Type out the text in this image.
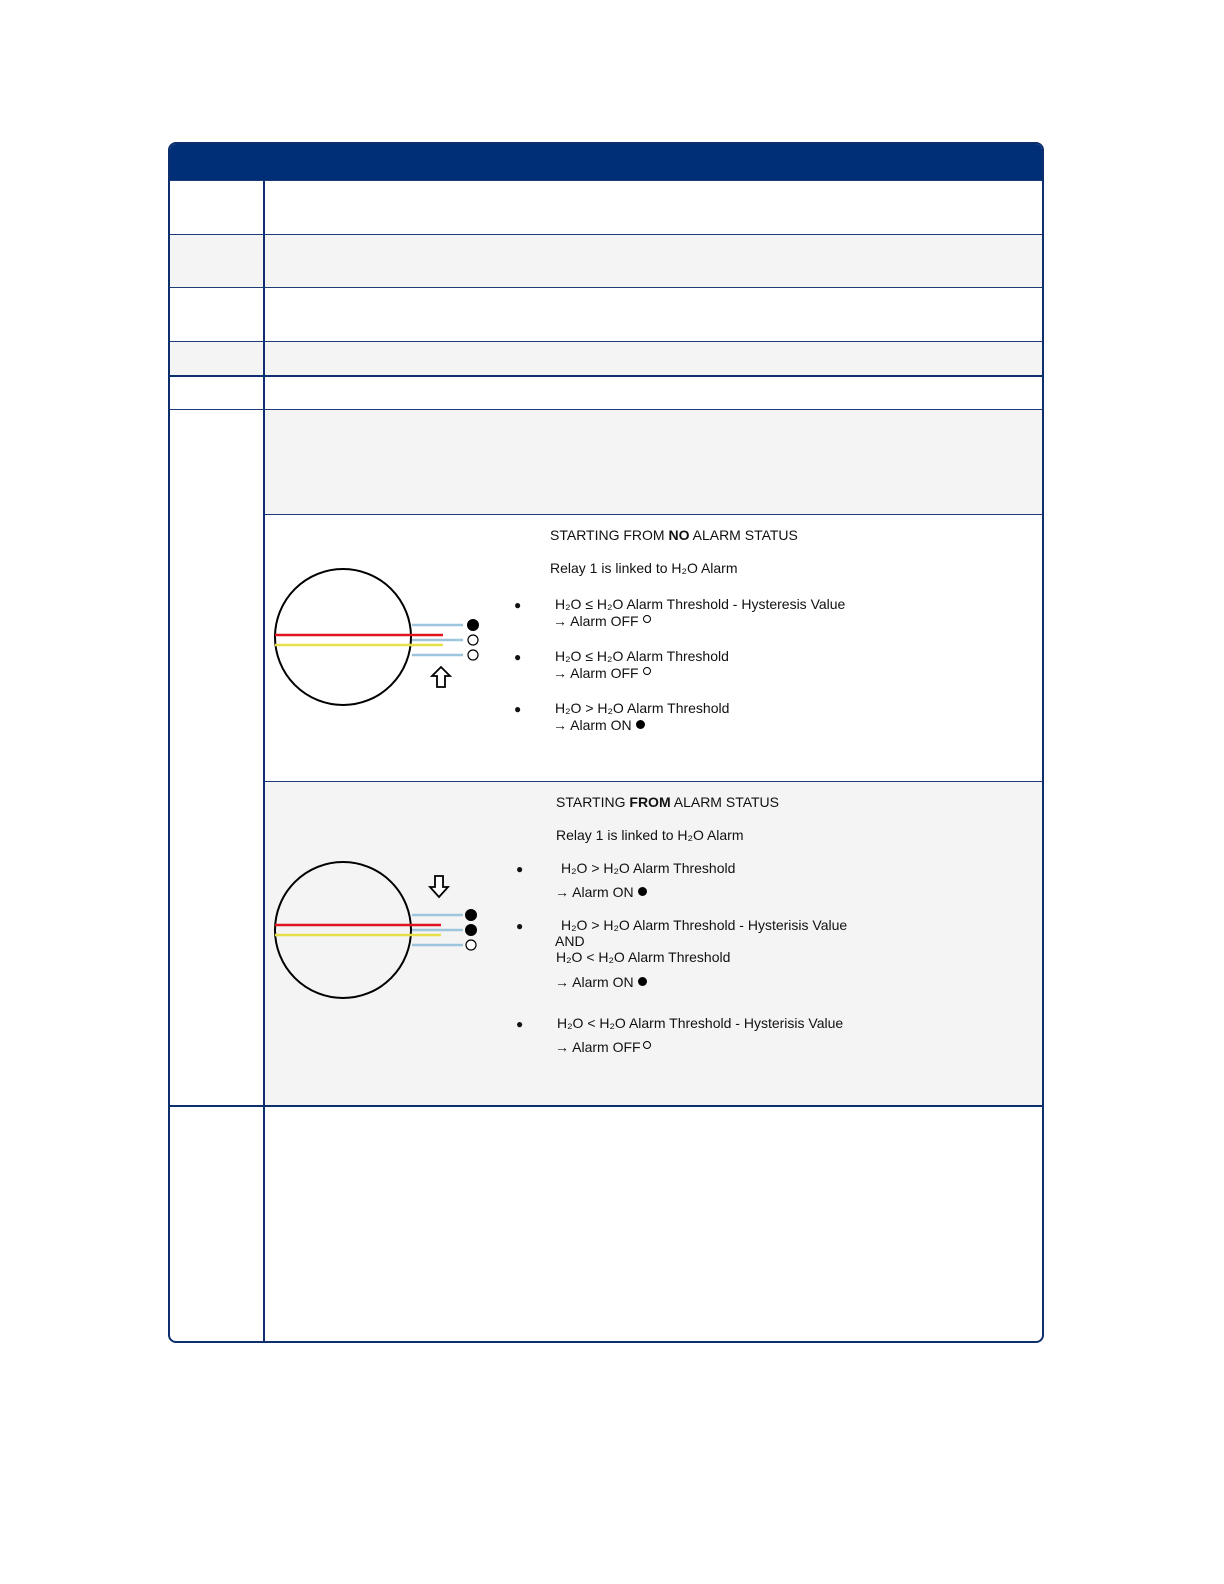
STARTING FROM NO ALARM STATUS
Relay 1 is linked to H₂O Alarm
● H₂O ≤ H₂O Alarm Threshold - Hysteresis Value
→ Alarm OFF
● H₂O ≤ H₂O Alarm Threshold
→ Alarm OFF
● H₂O > H₂O Alarm Threshold
→ Alarm ON
STARTING FROM ALARM STATUS
Relay 1 is linked to H₂O Alarm
●	H₂O > H₂O Alarm Threshold
→ Alarm ON
●	H₂O > H₂O Alarm Threshold - Hysterisis Value
AND
H₂O < H₂O Alarm Threshold
→ Alarm ON
● H₂O < H₂O Alarm Threshold - Hysterisis Value
→ Alarm OFF
